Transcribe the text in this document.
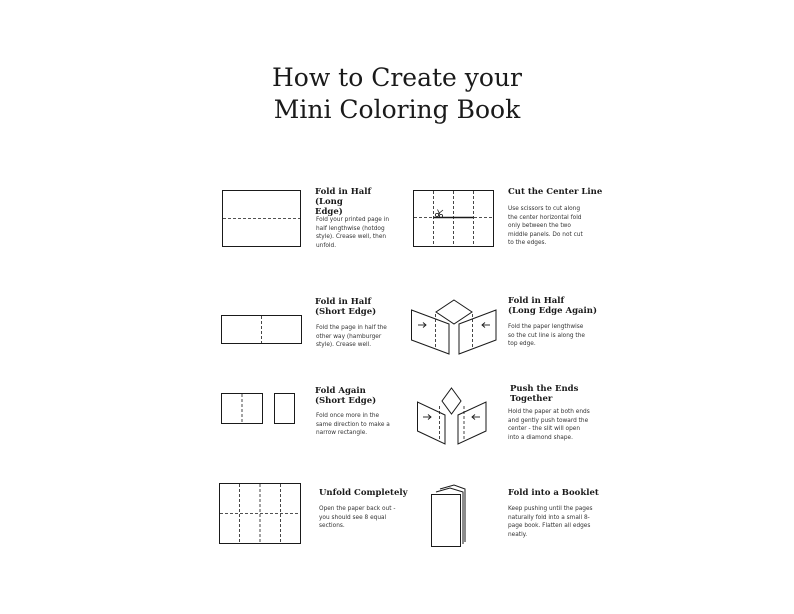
How to Create your
Mini Coloring Book
Fold in Half
(Long
Edge)
Fold your printed page in half lengthwise (hotdog style). Crease well, then unfold.
Fold in Half
(Short Edge)
Fold the page in half the other way (hamburger style). Crease well.
Fold Again
(Short Edge)
Fold once more in the same direction to make a narrow rectangle.
Unfold Completely
Open the paper back out - you should see 8 equal sections.
Cut the Center Line
Use scissors to cut along the center horizontal fold only between the two middle panels. Do not cut to the edges.
Fold in Half
(Long Edge Again)
Fold the paper lengthwise so the cut line is along the top edge.
Push the Ends
Together
Hold the paper at both ends and gently push toward the center - the slit will open into a diamond shape.
Fold into a Booklet
Keep pushing until the pages naturally fold into a small 8-page book. Flatten all edges neatly.
